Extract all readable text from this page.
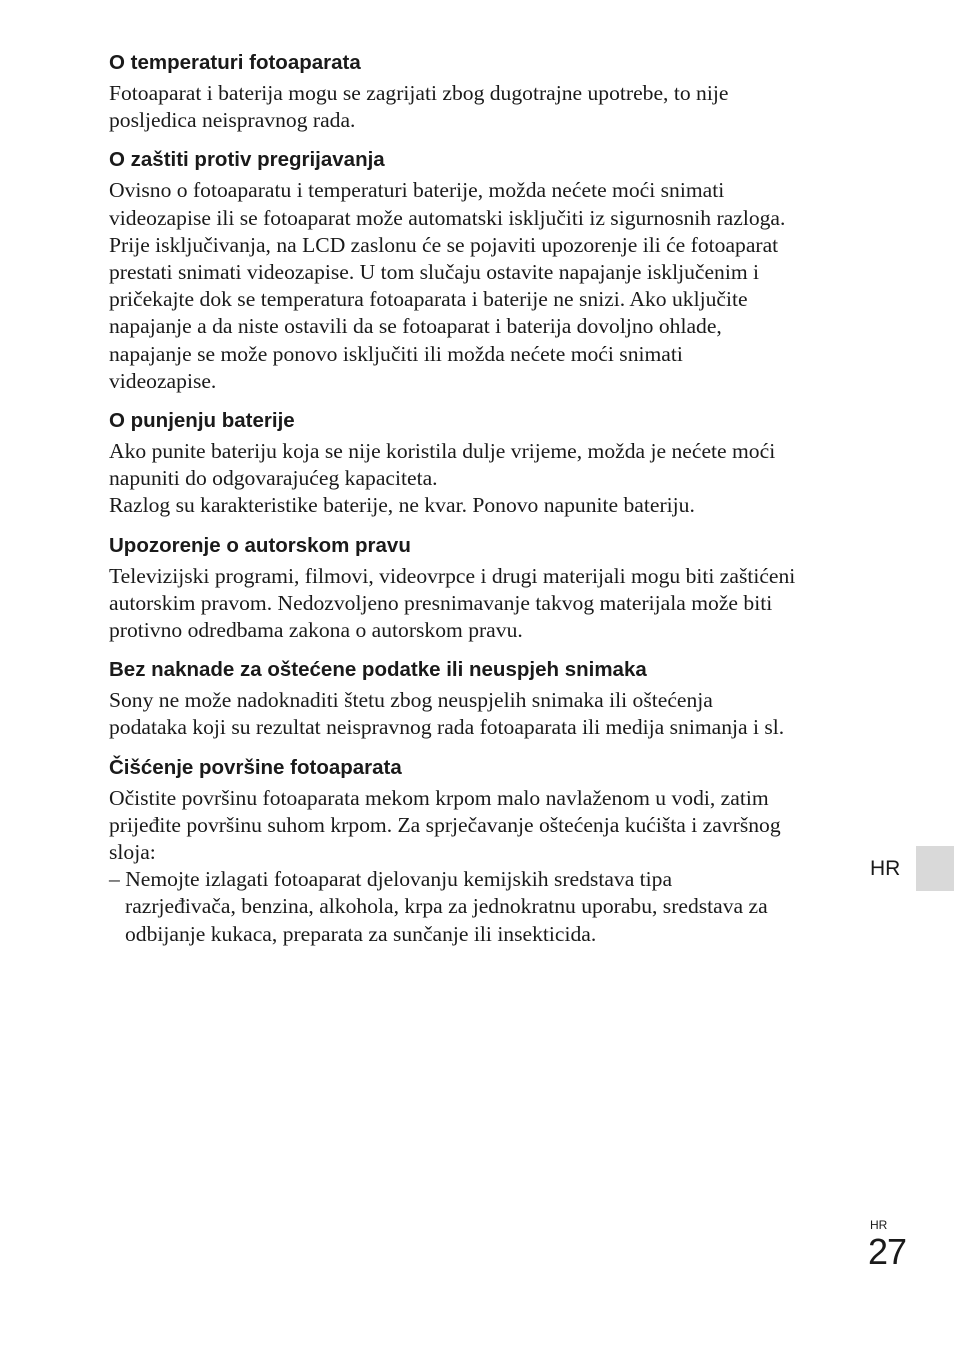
O temperaturi fotoaparata

Fotoaparat i baterija mogu se zagrijati zbog dugotrajne upotrebe, to nije
posljedica neispravnog rada.

O zaštiti protiv pregrijavanja

Ovisno o fotoaparatu i temperaturi baterije, možda nećete moći snimati
videozapise ili se fotoaparat može automatski isključiti iz sigurnosnih razloga.
Prije isključivanja, na LCD zaslonu će se pojaviti upozorenje ili će fotoaparat
prestati snimati videozapise. U tom slučaju ostavite napajanje isključenim i
pričekajte dok se temperatura fotoaparata i baterije ne snizi. Ako uključite
napajanje a da niste ostavili da se fotoaparat i baterija dovoljno ohlade,
napajanje se može ponovo isključiti ili možda nećete moći snimati
videozapise.

O punjenju baterije

Ako punite bateriju koja se nije koristila dulje vrijeme, možda je nećete moći
napuniti do odgovarajućeg kapaciteta.
Razlog su karakteristike baterije, ne kvar. Ponovo napunite bateriju.

Upozorenje o autorskom pravu

Televizijski programi, filmovi, videovrpce i drugi materijali mogu biti zaštićeni
autorskim pravom. Nedozvoljeno presnimavanje takvog materijala može biti
protivno odredbama zakona o autorskom pravu.

Bez naknade za oštećene podatke ili neuspjeh snimaka

Sony ne može nadoknaditi štetu zbog neuspjelih snimaka ili oštećenja
podataka koji su rezultat neispravnog rada fotoaparata ili medija snimanja i sl.

Čišćenje površine fotoaparata

Očistite površinu fotoaparata mekom krpom malo navlaženom u vodi, zatim
prijeđite površinu suhom krpom. Za sprječavanje oštećenja kućišta i završnog
sloja:

– Nemojte izlagati fotoaparat djelovanju kemijskih sredstava tipa
razrjeđivača, benzina, alkohola, krpa za jednokratnu uporabu, sredstava za
odbijanje kukaca, preparata za sunčanje ili insekticida.

HR
HR
27
